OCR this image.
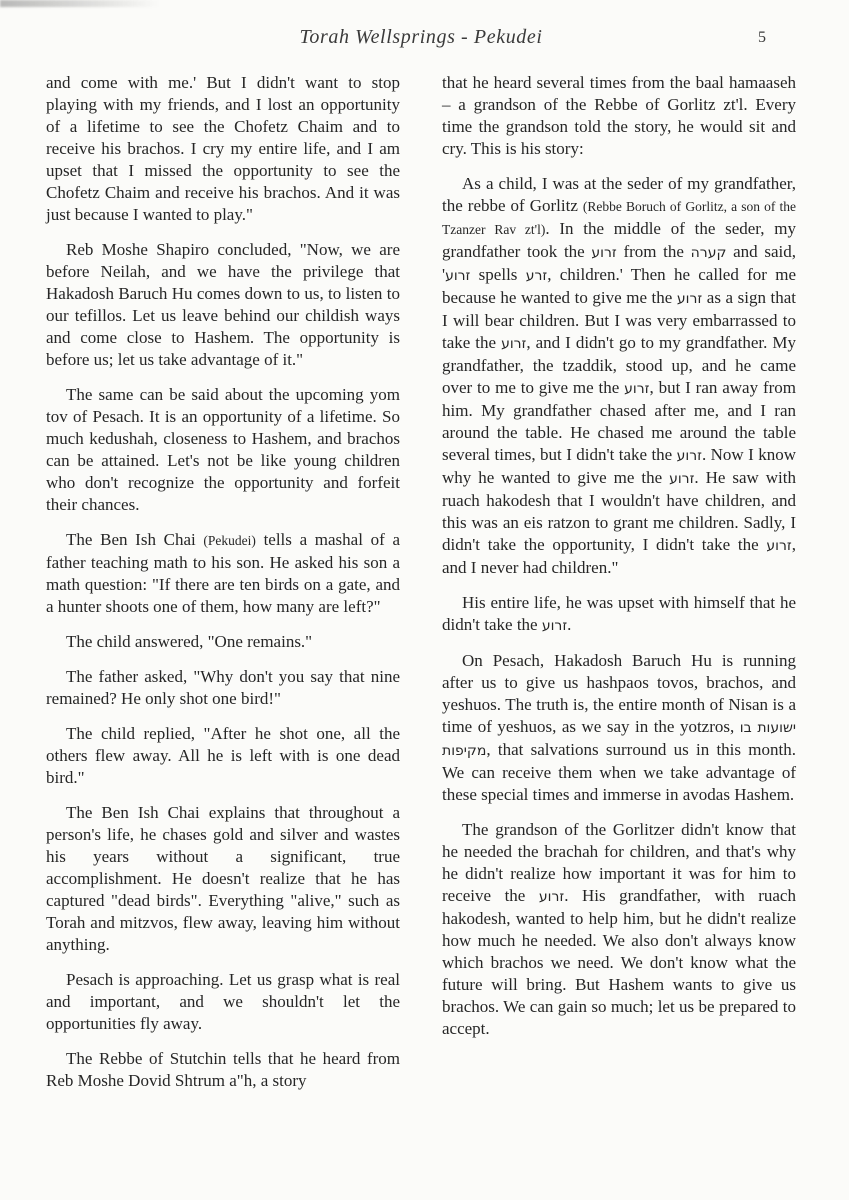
Torah Wellsprings - Pekudei	5

and come with me.' But I didn't want to stop playing with my friends, and I lost an opportunity of a lifetime to see the Chofetz Chaim and to receive his brachos. I cry my entire life, and I am upset that I missed the opportunity to see the Chofetz Chaim and receive his brachos. And it was just because I wanted to play."

Reb Moshe Shapiro concluded, "Now, we are before Neilah, and we have the privilege that Hakadosh Baruch Hu comes down to us, to listen to our tefillos. Let us leave behind our childish ways and come close to Hashem. The opportunity is before us; let us take advantage of it."

The same can be said about the upcoming yom tov of Pesach. It is an opportunity of a lifetime. So much kedushah, closeness to Hashem, and brachos can be attained. Let's not be like young children who don't recognize the opportunity and forfeit their chances.

The Ben Ish Chai (Pekudei) tells a mashal of a father teaching math to his son. He asked his son a math question: "If there are ten birds on a gate, and a hunter shoots one of them, how many are left?"

The child answered, "One remains."

The father asked, "Why don't you say that nine remained? He only shot one bird!"

The child replied, "After he shot one, all the others flew away. All he is left with is one dead bird."

The Ben Ish Chai explains that throughout a person's life, he chases gold and silver and wastes his years without a significant, true accomplishment. He doesn't realize that he has captured "dead birds". Everything "alive," such as Torah and mitzvos, flew away, leaving him without anything.

Pesach is approaching. Let us grasp what is real and important, and we shouldn't let the opportunities fly away.

The Rebbe of Stutchin tells that he heard from Reb Moshe Dovid Shtrum a"h, a story

that he heard several times from the baal hamaaseh – a grandson of the Rebbe of Gorlitz zt'l. Every time the grandson told the story, he would sit and cry. This is his story:

As a child, I was at the seder of my grandfather, the rebbe of Gorlitz (Rebbe Boruch of Gorlitz, a son of the Tzanzer Rav zt'l). In the middle of the seder, my grandfather took the זרוע from the קערה and said, 'זרוע spells זרע, children.' Then he called for me because he wanted to give me the זרוע as a sign that I will bear children. But I was very embarrassed to take the זרוע, and I didn't go to my grandfather. My grandfather, the tzaddik, stood up, and he came over to me to give me the זרוע, but I ran away from him. My grandfather chased after me, and I ran around the table. He chased me around the table several times, but I didn't take the זרוע. Now I know why he wanted to give me the זרוע. He saw with ruach hakodesh that I wouldn't have children, and this was an eis ratzon to grant me children. Sadly, I didn't take the opportunity, I didn't take the זרוע, and I never had children."

His entire life, he was upset with himself that he didn't take the זרוע.

On Pesach, Hakadosh Baruch Hu is running after us to give us hashpaos tovos, brachos, and yeshuos. The truth is, the entire month of Nisan is a time of yeshuos, as we say in the yotzros, ישועות בו מקיפות, that salvations surround us in this month. We can receive them when we take advantage of these special times and immerse in avodas Hashem.

The grandson of the Gorlitzer didn't know that he needed the brachah for children, and that's why he didn't realize how important it was for him to receive the זרוע. His grandfather, with ruach hakodesh, wanted to help him, but he didn't realize how much he needed. We also don't always know which brachos we need. We don't know what the future will bring. But Hashem wants to give us brachos. We can gain so much; let us be prepared to accept.
